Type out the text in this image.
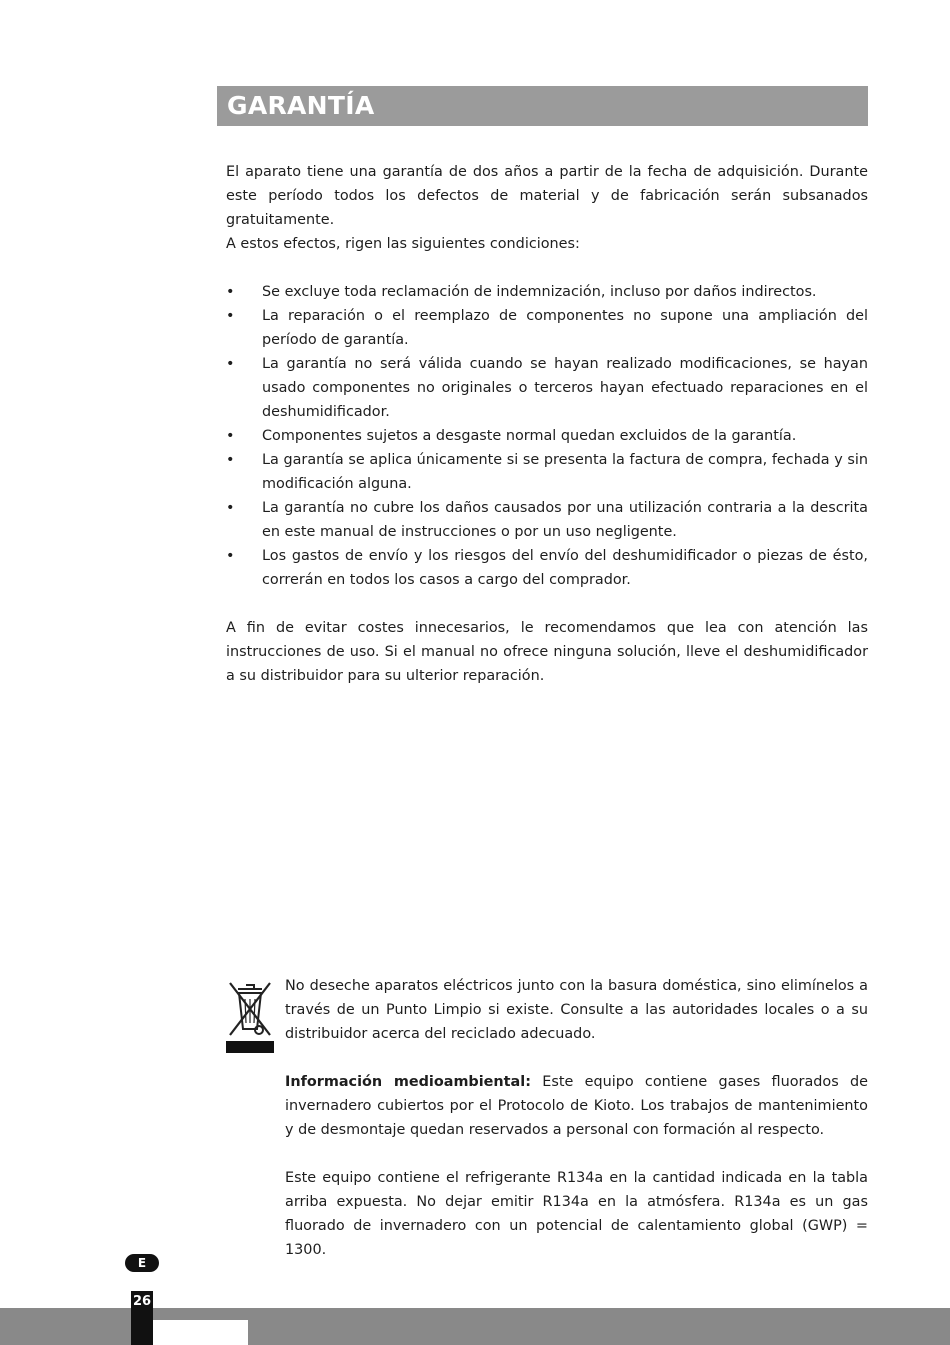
GARANTÍA

El aparato tiene una garantía de dos años a partir de la fecha de adquisición. Durante este período todos los defectos de material y de fabricación serán subsanados gratuitamente.

A estos efectos, rigen las siguientes condiciones:

• Se excluye toda reclamación de indemnización, incluso por daños indirectos.
• La reparación o el reemplazo de componentes no supone una ampliación del período de garantía.
• La garantía no será válida cuando se hayan realizado modificaciones, se hayan usado componentes no originales o terceros hayan efectuado reparaciones en el deshumidificador.
• Componentes sujetos a desgaste normal quedan excluidos de la garantía.
• La garantía se aplica únicamente si se presenta la factura de compra, fechada y sin modificación alguna.
• La garantía no cubre los daños causados por una utilización contraria a la descrita en este manual de instrucciones o por un uso negligente.
• Los gastos de envío y los riesgos del envío del deshumidificador o piezas de ésto, correrán en todos los casos a cargo del comprador.

A fin de evitar costes innecesarios, le recomendamos que lea con atención las instrucciones de uso. Si el manual no ofrece ninguna solución, lleve el deshumidificador a su distribuidor para su ulterior reparación.

No deseche aparatos eléctricos junto con la basura doméstica, sino elimínelos a través de un Punto Limpio si existe. Consulte a las autoridades locales o a su distribuidor acerca del reciclado adecuado.

Información medioambiental: Este equipo contiene gases fluorados de invernadero cubiertos por el Protocolo de Kioto. Los trabajos de mantenimiento y de desmontaje quedan reservados a personal con formación al respecto.

Este equipo contiene el refrigerante R134a en la cantidad indicada en la tabla arriba expuesta. No dejar emitir R134a en la atmósfera. R134a es un gas fluorado de invernadero con un potencial de calentamiento global (GWP) = 1300.

E
26
